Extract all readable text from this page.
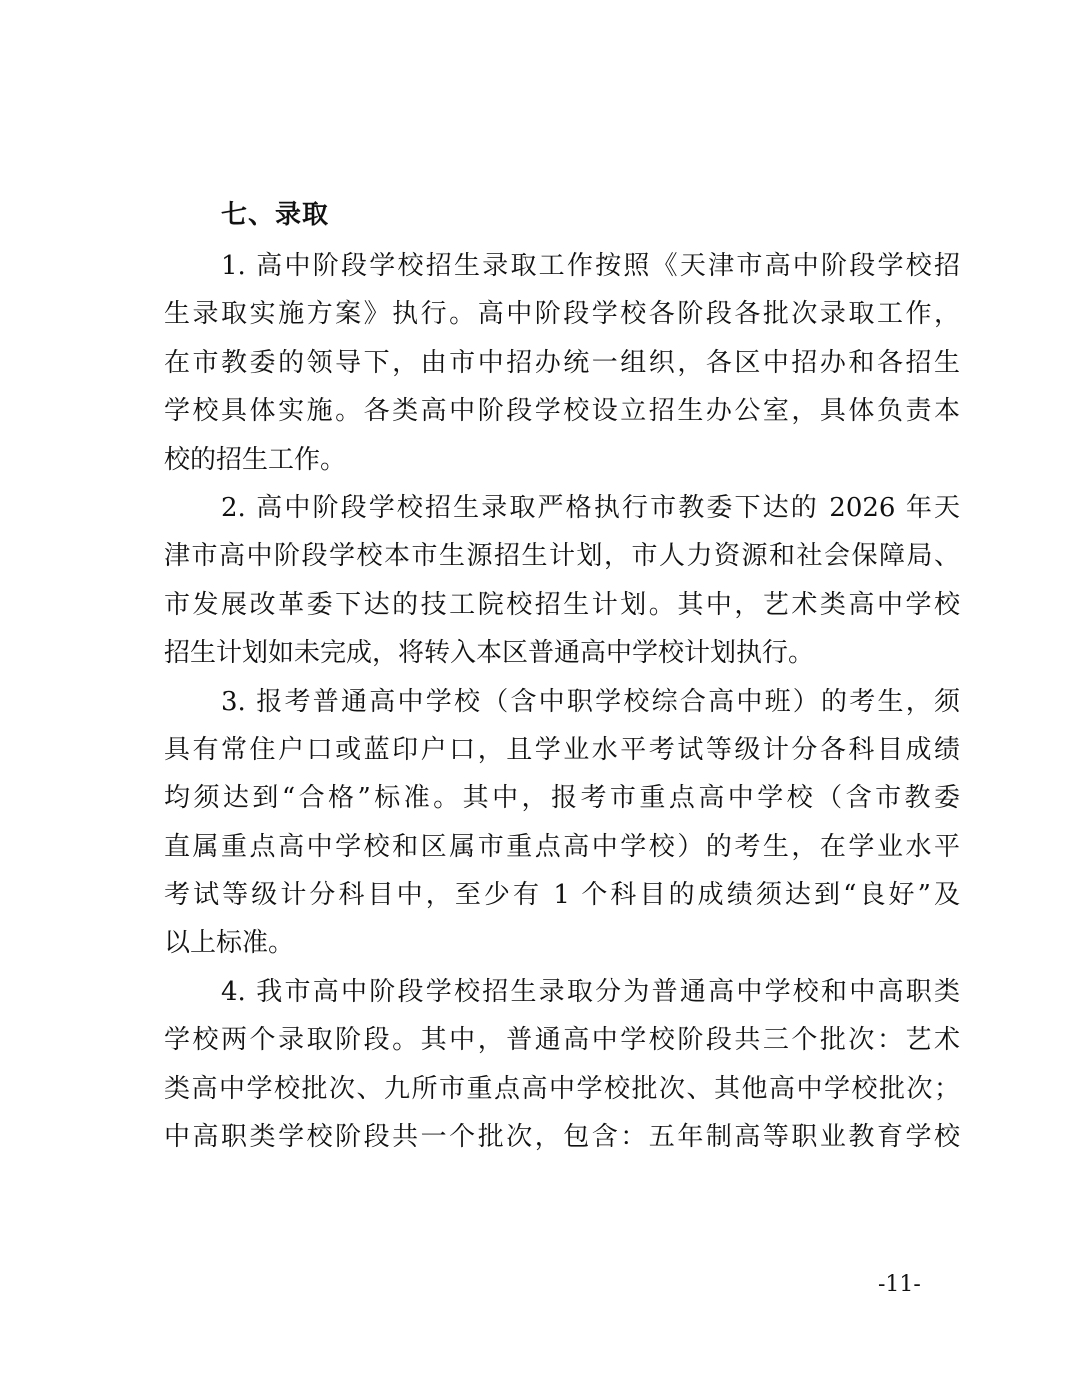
七、录取
1. 高中阶段学校招生录取工作按照《天津市高中阶段学校招
生录取实施方案》执行。高中阶段学校各阶段各批次录取工作，
在市教委的领导下，由市中招办统一组织，各区中招办和各招生
学校具体实施。各类高中阶段学校设立招生办公室，具体负责本
校的招生工作。
2. 高中阶段学校招生录取严格执行市教委下达的 2026 年天
津市高中阶段学校本市生源招生计划，市人力资源和社会保障局、
市发展改革委下达的技工院校招生计划。其中，艺术类高中学校
招生计划如未完成，将转入本区普通高中学校计划执行。
3. 报考普通高中学校（含中职学校综合高中班）的考生，须
具有常住户口或蓝印户口，且学业水平考试等级计分各科目成绩
均须达到“合格”标准。其中，报考市重点高中学校（含市教委
直属重点高中学校和区属市重点高中学校）的考生，在学业水平
考试等级计分科目中，至少有 1 个科目的成绩须达到“良好”及
以上标准。
4. 我市高中阶段学校招生录取分为普通高中学校和中高职类
学校两个录取阶段。其中，普通高中学校阶段共三个批次：艺术
类高中学校批次、九所市重点高中学校批次、其他高中学校批次；
中高职类学校阶段共一个批次，包含：五年制高等职业教育学校
-11-
